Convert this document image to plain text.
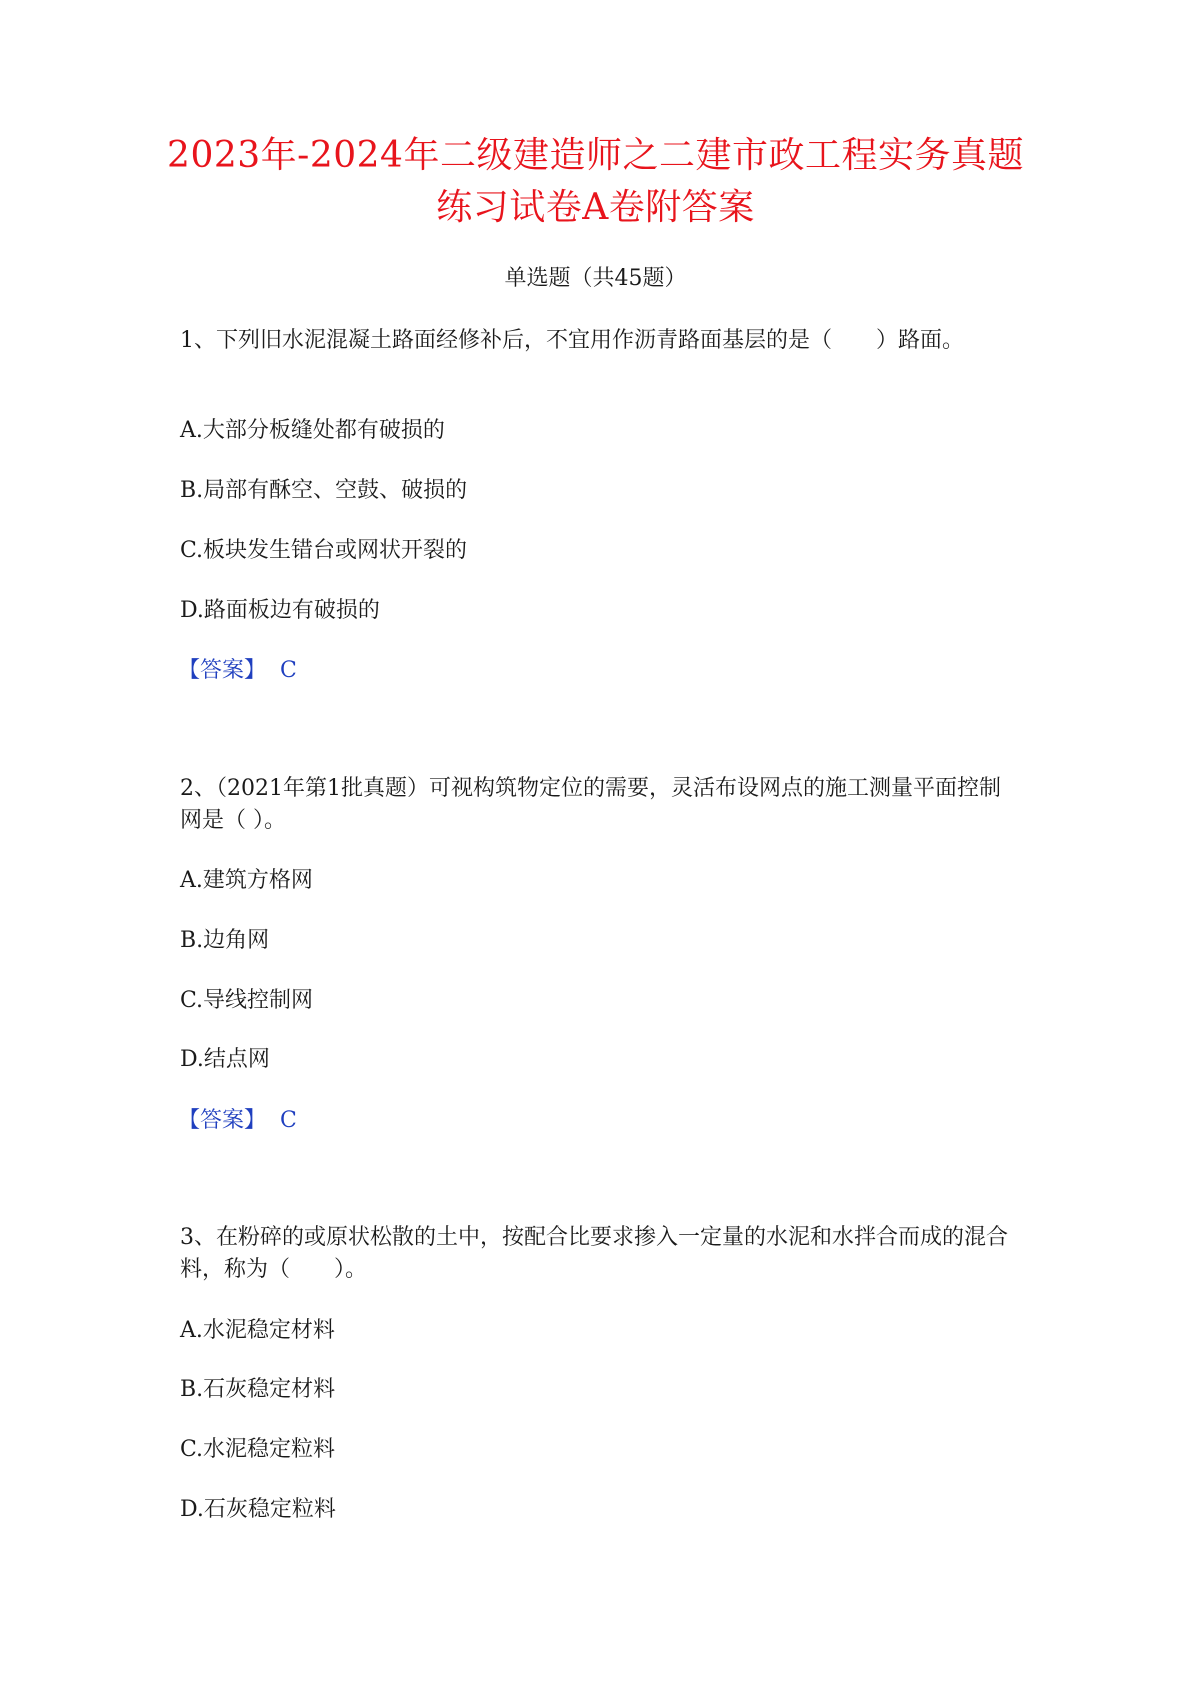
2023年-2024年二级建造师之二建市政工程实务真题练习试卷A卷附答案
单选题（共45题）
1、下列旧水泥混凝土路面经修补后，不宜用作沥青路面基层的是（　　）路面。
A.大部分板缝处都有破损的
B.局部有酥空、空鼓、破损的
C.板块发生错台或网状开裂的
D.路面板边有破损的
【答案】 C
2、（2021年第1批真题）可视构筑物定位的需要，灵活布设网点的施工测量平面控制网是（ ）。
A.建筑方格网
B.边角网
C.导线控制网
D.结点网
【答案】 C
3、在粉碎的或原状松散的土中，按配合比要求掺入一定量的水泥和水拌合而成的混合料，称为（　　）。
A.水泥稳定材料
B.石灰稳定材料
C.水泥稳定粒料
D.石灰稳定粒料
